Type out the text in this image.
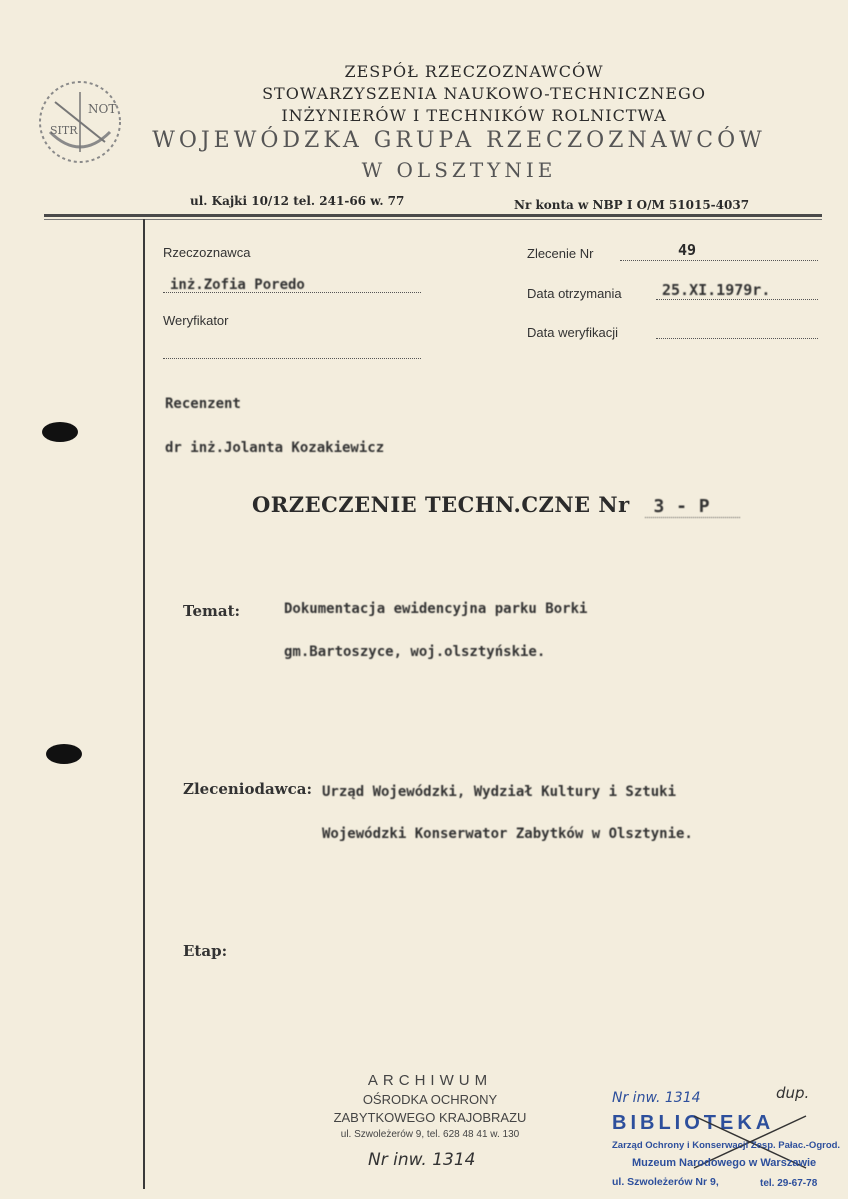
NOT
SITR
ZESPÓŁ RZECZOZNAWCÓW
STOWARZYSZENIA NAUKOWO-TECHNICZNEGO
INŻYNIERÓW I TECHNIKÓW ROLNICTWA
WOJEWÓDZKA GRUPA RZECZOZNAWCÓW
W OLSZTYNIE
ul. Kajki 10/12 tel. 241-66 w. 77	Nr konta w NBP I O/M 51015-4037
Rzeczoznawca
inż.Zofia Poredo
Weryfikator
Zlecenie Nr	49
Data otrzymania	25.XI.1979r.
Data weryfikacji
Recenzent
dr inż.Jolanta Kozakiewicz
ORZECZENIE TECHN.CZNE Nr 3 - P
Temat:	Dokumentacja ewidencyjna parku Borki
gm.Bartoszyce, woj.olsztyńskie.
Zleceniodawca: Urząd Wojewódzki, Wydział Kultury i Sztuki
Wojewódzki Konserwator Zabytków w Olsztynie.
Etap:
ARCHIWUM
OŚRODKA OCHRONY
ZABYTKOWEGO KRAJOBRAZU
ul. Szwoleżerów 9, tel. 628 48 41 w. 130
Nr inw. 1314
Nr inw. 1314	dup.
BIBLIOTEKA
Zarząd Ochrony i Konserwacji Zesp. Pałac.-Ogrod.
Muzeum Narodowego w Warszawie
ul. Szwoleżerów Nr 9,	tel. 29-67-78
